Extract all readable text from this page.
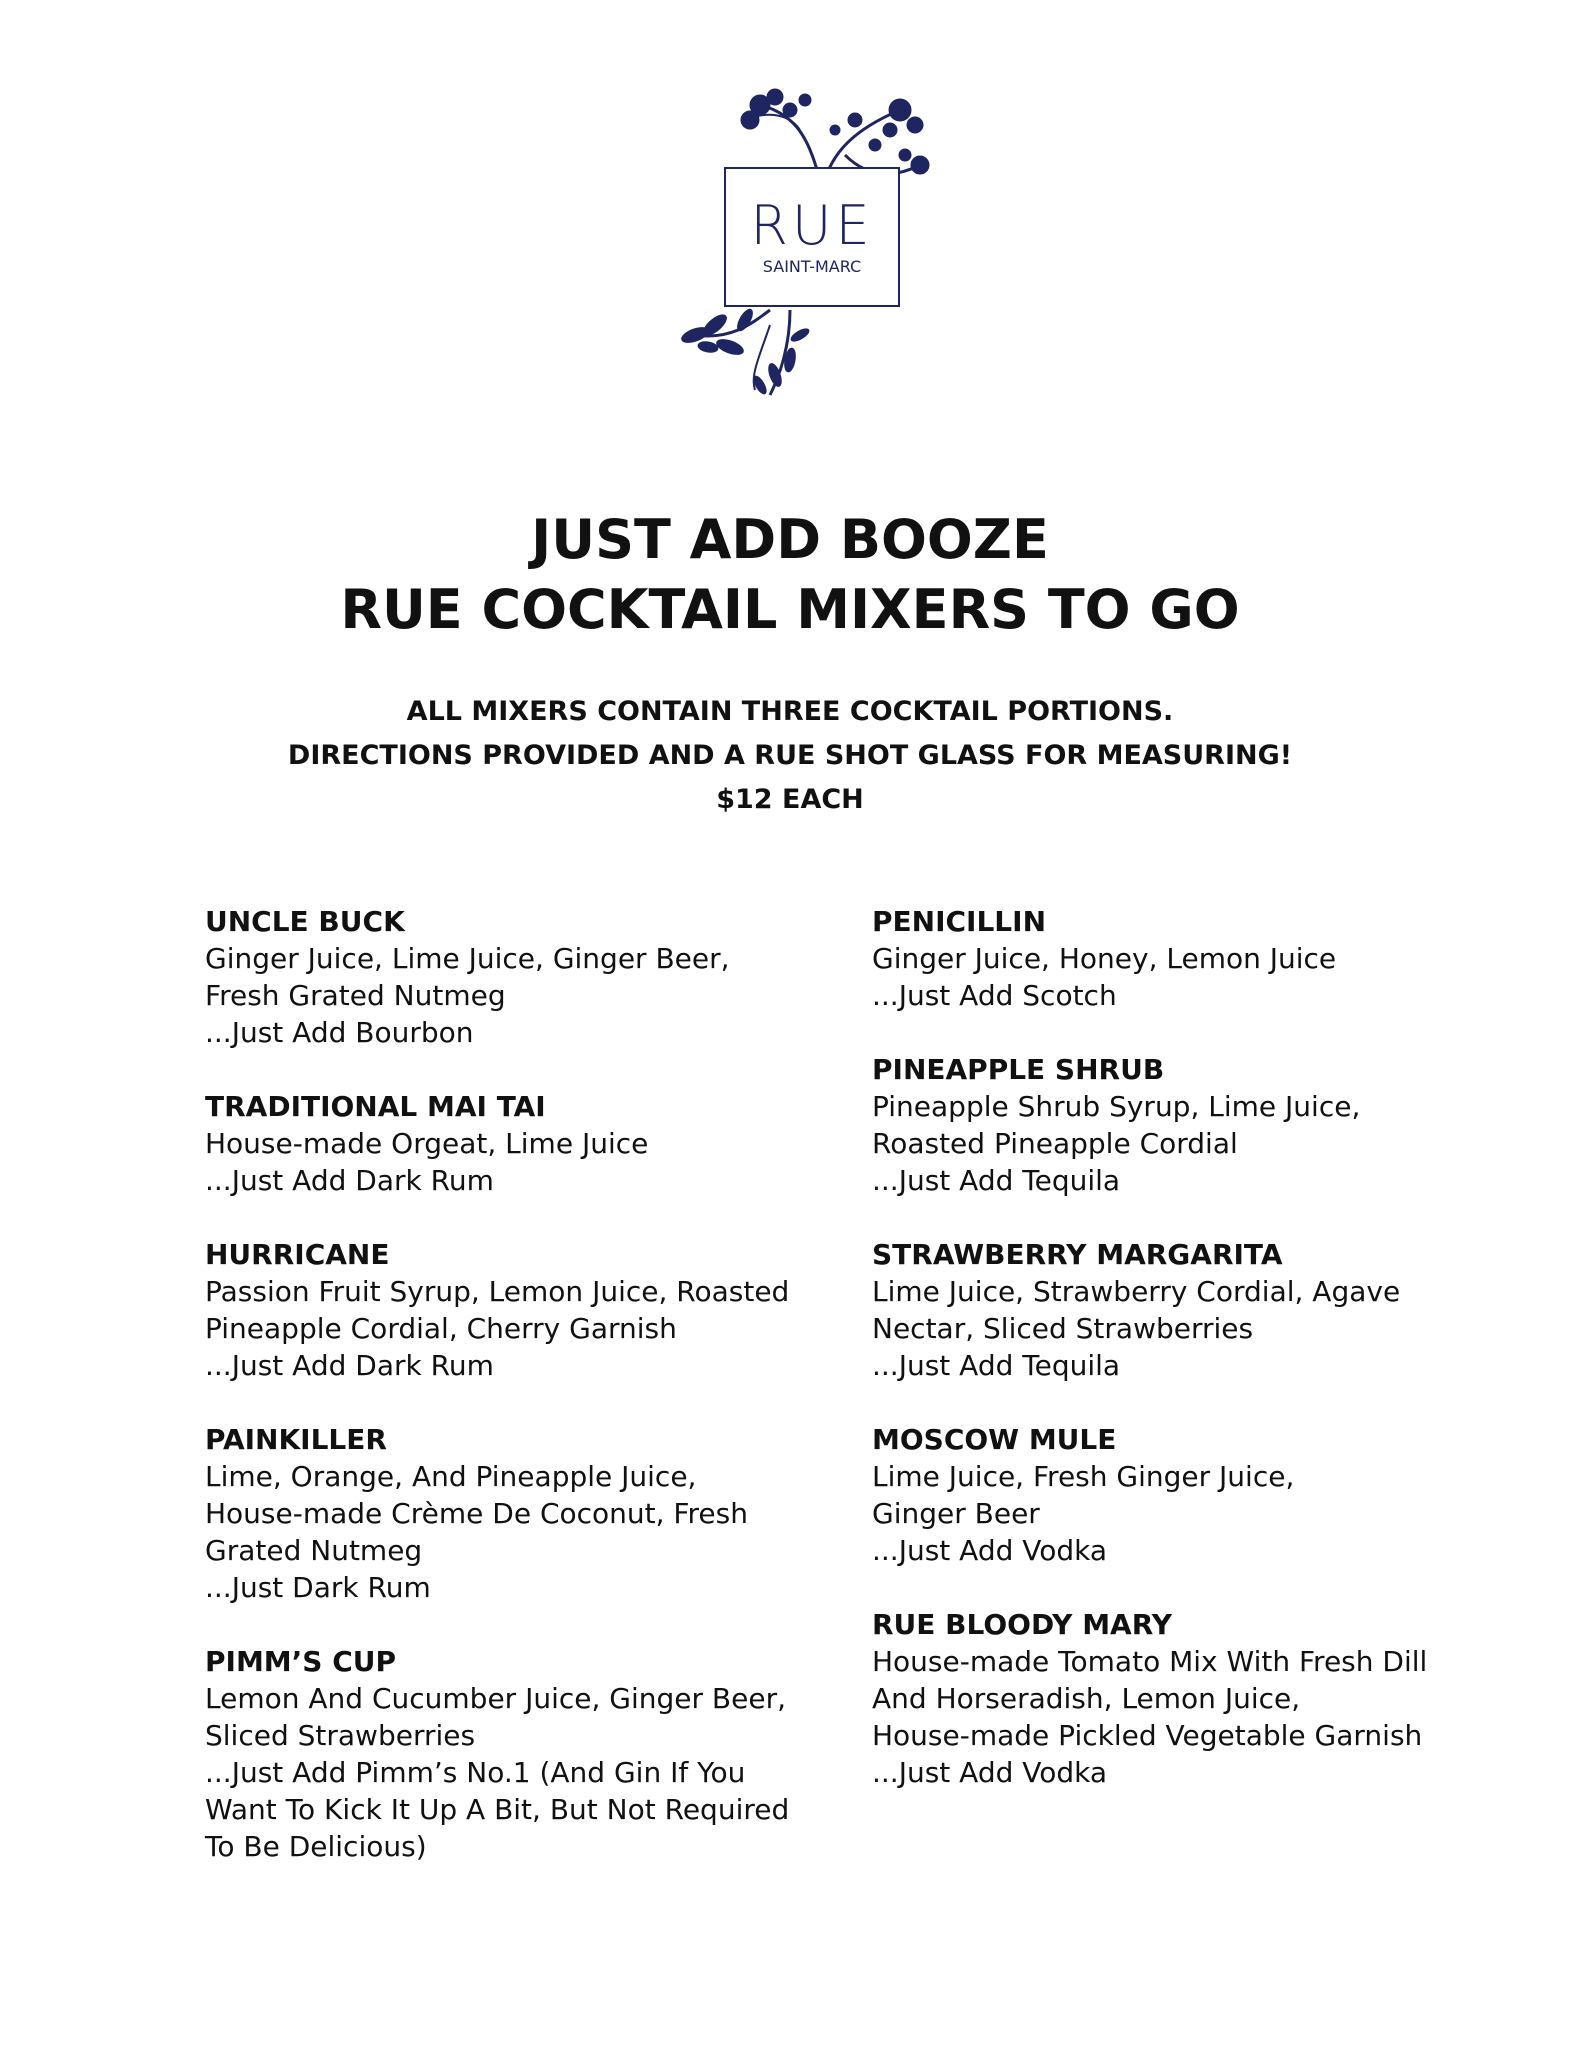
RUE
SAINT-MARC
JUST ADD BOOZE
RUE COCKTAIL MIXERS TO GO
ALL MIXERS CONTAIN THREE COCKTAIL PORTIONS.
DIRECTIONS PROVIDED AND A RUE SHOT GLASS FOR MEASURING!
$12 EACH
UNCLE BUCK
Ginger Juice, Lime Juice, Ginger Beer,
Fresh Grated Nutmeg
...Just Add Bourbon
TRADITIONAL MAI TAI
House-made Orgeat, Lime Juice
...Just Add Dark Rum
HURRICANE
Passion Fruit Syrup, Lemon Juice, Roasted
Pineapple Cordial, Cherry Garnish
...Just Add Dark Rum
PAINKILLER
Lime, Orange, And Pineapple Juice,
House-made Crème De Coconut, Fresh
Grated Nutmeg
...Just Dark Rum
PIMM’S CUP
Lemon And Cucumber Juice, Ginger Beer,
Sliced Strawberries
...Just Add Pimm’s No.1 (And Gin If You
Want To Kick It Up A Bit, But Not Required
To Be Delicious)
PENICILLIN
Ginger Juice, Honey, Lemon Juice
...Just Add Scotch
PINEAPPLE SHRUB
Pineapple Shrub Syrup, Lime Juice,
Roasted Pineapple Cordial
...Just Add Tequila
STRAWBERRY MARGARITA
Lime Juice, Strawberry Cordial, Agave
Nectar, Sliced Strawberries
...Just Add Tequila
MOSCOW MULE
Lime Juice, Fresh Ginger Juice,
Ginger Beer
...Just Add Vodka
RUE BLOODY MARY
House-made Tomato Mix With Fresh Dill
And Horseradish, Lemon Juice,
House-made Pickled Vegetable Garnish
...Just Add Vodka
